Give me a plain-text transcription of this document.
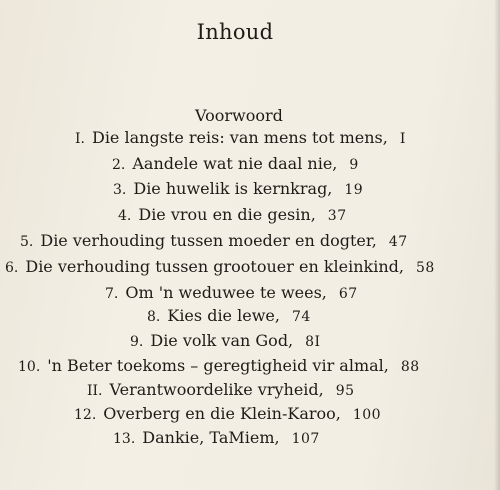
Inhoud
Voorwoord
I. Die langste reis: van mens tot mens, I
2. Aandele wat nie daal nie, 9
3. Die huwelik is kernkrag, 19
4. Die vrou en die gesin, 37
5. Die verhouding tussen moeder en dogter, 47
6. Die verhouding tussen grootouer en kleinkind, 58
7. Om 'n weduwee te wees, 67
8. Kies die lewe, 74
9. Die volk van God, 8I
10. 'n Beter toekoms – geregtigheid vir almal, 88
II. Verantwoordelike vryheid, 95
12. Overberg en die Klein-Karoo, 100
13. Dankie, TaMiem, 107
